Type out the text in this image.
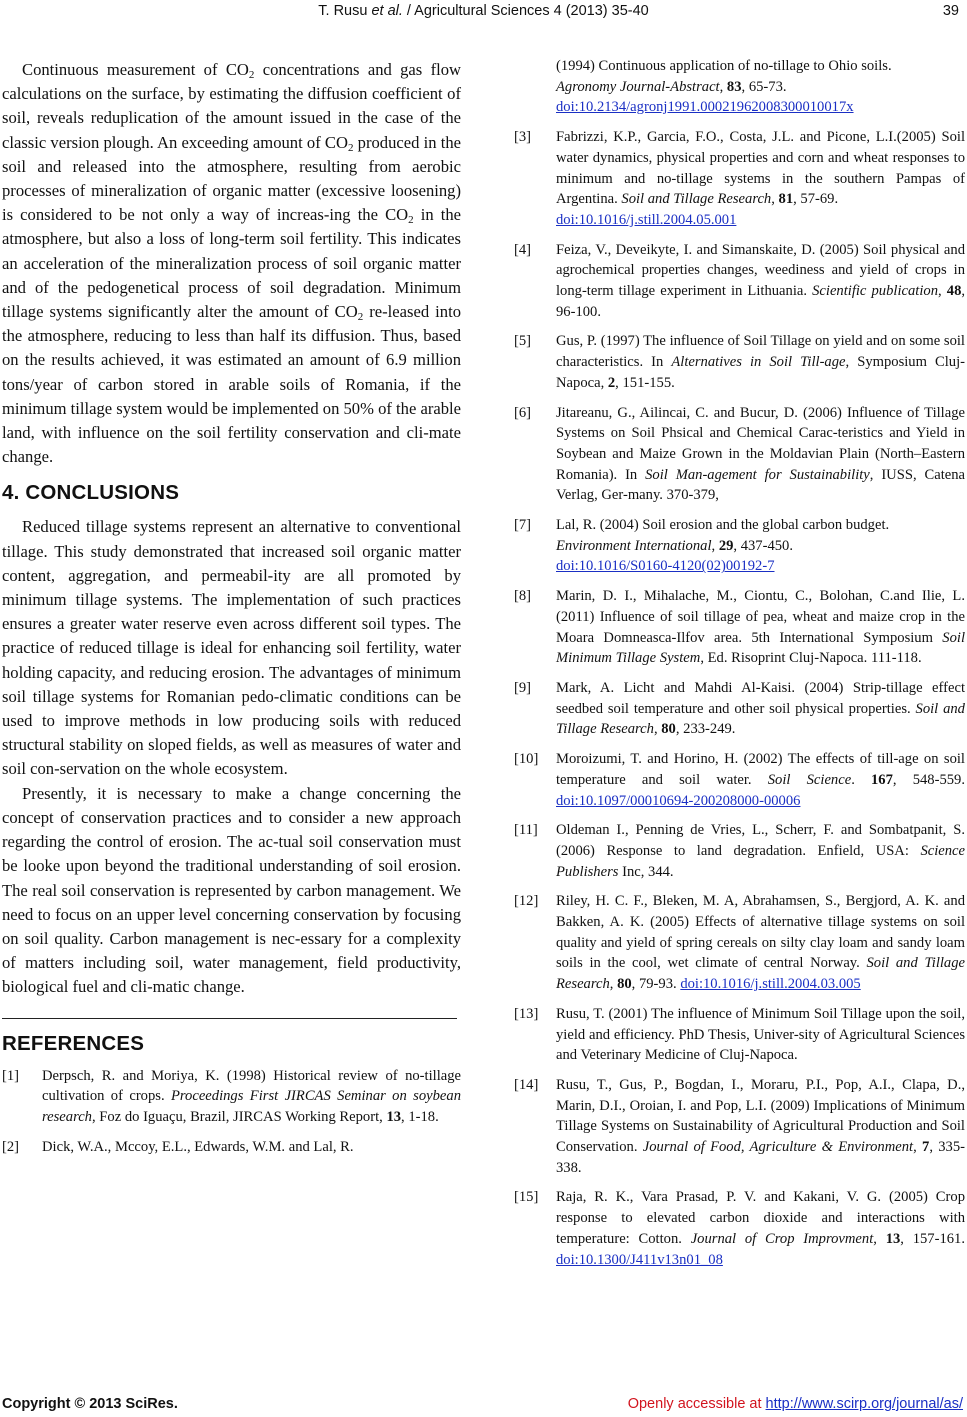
T. Rusu et al. / Agricultural Sciences 4 (2013) 35-40	39

Continuous measurement of $CO_2$ concentrations and gas flow calculations on the surface, by estimating the diffusion coefficient of soil, reveals reduplication of the amount issued in the case of the classic version plough. An exceeding amount of $CO_2$ produced in the soil and released into the atmosphere, resulting from aerobic processes of mineralization of organic matter (excessive loosening) is considered to be not only a way of increas-ing the $CO_2$ in the atmosphere, but also a loss of long-term soil fertility. This indicates an acceleration of the mineralization process of soil organic matter and of the pedogenetical process of soil degradation. Minimum tillage systems significantly alter the amount of $CO_2$ re-leased into the atmosphere, reducing to less than half its diffusion. Thus, based on the results achieved, it was estimated an amount of 6.9 million tons/year of carbon stored in arable soils of Romania, if the minimum tillage system would be implemented on 50% of the arable land, with influence on the soil fertility conservation and cli-mate change.

4. CONCLUSIONS

Reduced tillage systems represent an alternative to conventional tillage. This study demonstrated that increased soil organic matter content, aggregation, and permeabil-ity are all promoted by minimum tillage systems. The implementation of such practices ensures a greater water reserve even across different soil types. The practice of reduced tillage is ideal for enhancing soil fertility, water holding capacity, and reducing erosion. The advantages of minimum soil tillage systems for Romanian pedo-climatic conditions can be used to improve methods in low producing soils with reduced structural stability on sloped fields, as well as measures of water and soil con-servation on the whole ecosystem.

Presently, it is necessary to make a change concerning the concept of conservation practices and to consider a new approach regarding the control of erosion. The ac-tual soil conservation must be looke upon beyond the traditional understanding of soil erosion. The real soil conservation is represented by carbon management. We need to focus on an upper level concerning conservation by focusing on soil quality. Carbon management is nec-essary for a complexity of matters including soil, water management, field productivity, biological fuel and cli-matic change.

REFERENCES
[1]	Derpsch, R. and Moriya, K. (1998) Historical review of no-tillage cultivation of crops. Proceedings First JIRCAS Seminar on soybean research, Foz do Iguaçu, Brazil, JIRCAS Working Report, 13, 1-18.
[2]	Dick, W.A., Mccoy, E.L., Edwards, W.M. and Lal, R.
(1994) Continuous application of no-tillage to Ohio soils.
Agronomy Journal-Abstract, 83, 65-73.
doi:10.2134/agronj1991.00021962008300010017x
[3]	Fabrizzi, K.P., Garcia, F.O., Costa, J.L. and Picone, L.I.(2005) Soil water dynamics, physical properties and corn and wheat responses to minimum and no-tillage systems in the southern Pampas of Argentina. Soil and Tillage Research, 81, 57-69.
doi:10.1016/j.still.2004.05.001
[4]	Feiza, V., Deveikyte, I. and Simanskaite, D. (2005) Soil physical and agrochemical properties changes, weediness and yield of crops in long-term tillage experiment in Lithuania. Scientific publication, 48, 96-100.
[5]	Gus, P. (1997) The influence of Soil Tillage on yield and on some soil characteristics. In Alternatives in Soil Till-age, Symposium Cluj-Napoca, 2, 151-155.
[6]	Jitareanu, G., Ailincai, C. and Bucur, D. (2006) Influence of Tillage Systems on Soil Phsical and Chemical Carac-teristics and Yield in Soybean and Maize Grown in the Moldavian Plain (North–Eastern Romania). In Soil Man-agement for Sustainability, IUSS, Catena Verlag, Ger-many. 370-379,
[7]	Lal, R. (2004) Soil erosion and the global carbon budget.
Environment International, 29, 437-450.
doi:10.1016/S0160-4120(02)00192-7
[8]	Marin, D. I., Mihalache, M., Ciontu, C., Bolohan, C.and Ilie, L. (2011) Influence of soil tillage of pea, wheat and maize crop in the Moara Domneasca-Ilfov area. 5th International Symposium Soil Minimum Tillage System, Ed. Risoprint Cluj-Napoca. 111-118.
[9]	Mark, A. Licht and Mahdi Al-Kaisi. (2004) Strip-tillage effect seedbed soil temperature and other soil physical properties. Soil and Tillage Research, 80, 233-249.
[10]	Moroizumi, T. and Horino, H. (2002) The effects of till-age on soil temperature and soil water. Soil Science. 167, 548-559. doi:10.1097/00010694-200208000-00006
[11]	Oldeman I., Penning de Vries, L., Scherr, F. and Sombatpanit, S. (2006) Response to land degradation. Enfield, USA: Science Publishers Inc, 344.
[12]	Riley, H. C. F., Bleken, M. A, Abrahamsen, S., Bergjord, A. K. and Bakken, A. K. (2005) Effects of alternative tillage systems on soil quality and yield of spring cereals on silty clay loam and sandy loam soils in the cool, wet climate of central Norway. Soil and Tillage Research, 80, 79-93. doi:10.1016/j.still.2004.03.005
[13]	Rusu, T. (2001) The influence of Minimum Soil Tillage upon the soil, yield and efficiency. PhD Thesis, Univer-sity of Agricultural Sciences and Veterinary Medicine of Cluj-Napoca.
[14]	Rusu, T., Gus, P., Bogdan, I., Moraru, P.I., Pop, A.I., Clapa, D., Marin, D.I., Oroian, I. and Pop, L.I. (2009) Implications of Minimum Tillage Systems on Sustainability of Agricultural Production and Soil Conservation. Journal of Food, Agriculture & Environment, 7, 335-338.
[15]	Raja, R. K., Vara Prasad, P. V. and Kakani, V. G. (2005) Crop response to elevated carbon dioxide and interactions with temperature: Cotton. Journal of Crop Improvment, 13, 157-161. doi:10.1300/J411v13n01_08
Copyright © 2013 SciRes.	Openly accessible at http://www.scirp.org/journal/as/
